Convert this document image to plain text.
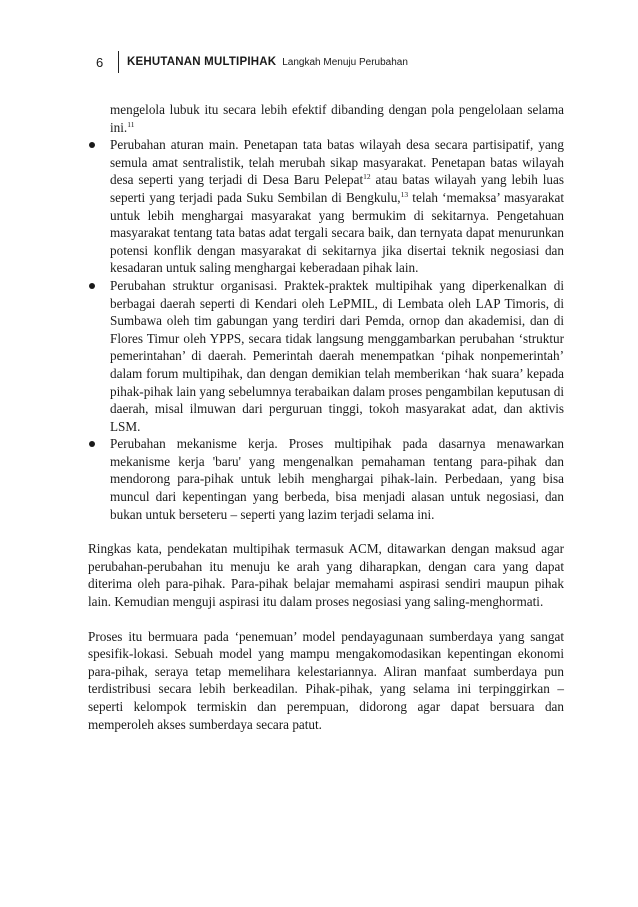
6	KEHUTANAN MULTIPIHAK Langkah Menuju Perubahan
mengelola lubuk itu secara lebih efektif dibanding dengan pola pengelolaan selama ini.$^{11}$
Perubahan aturan main. Penetapan tata batas wilayah desa secara partisipatif, yang semula amat sentralistik, telah merubah sikap masyarakat. Penetapan batas wilayah desa seperti yang terjadi di Desa Baru Pelepat$^{12}$ atau batas wilayah yang lebih luas seperti yang terjadi pada Suku Sembilan di Bengkulu,$^{13}$ telah ‘memaksa’ masyarakat untuk lebih menghargai masyarakat yang bermukim di sekitarnya. Pengetahuan masyarakat tentang tata batas adat tergali secara baik, dan ternyata dapat menurunkan potensi konflik dengan masyarakat di sekitarnya jika disertai teknik negosiasi dan kesadaran untuk saling menghargai keberadaan pihak lain.
Perubahan struktur organisasi. Praktek-praktek multipihak yang diperkenalkan di berbagai daerah seperti di Kendari oleh LePMIL, di Lembata oleh LAP Timoris, di Sumbawa oleh tim gabungan yang terdiri dari Pemda, ornop dan akademisi, dan di Flores Timur oleh YPPS, secara tidak langsung menggambarkan perubahan ‘struktur pemerintahan’ di daerah. Pemerintah daerah menempatkan ‘pihak nonpemerintah’ dalam forum multipihak, dan dengan demikian telah memberikan ‘hak suara’ kepada pihak-pihak lain yang sebelumnya terabaikan dalam proses pengambilan keputusan di daerah, misal ilmuwan dari perguruan tinggi, tokoh masyarakat adat, dan aktivis LSM.
Perubahan mekanisme kerja. Proses multipihak pada dasarnya menawarkan mekanisme kerja 'baru' yang mengenalkan pemahaman tentang para-pihak dan mendorong para-pihak untuk lebih menghargai pihak-lain. Perbedaan, yang bisa muncul dari kepentingan yang berbeda, bisa menjadi alasan untuk negosiasi, dan bukan untuk berseteru – seperti yang lazim terjadi selama ini.

Ringkas kata, pendekatan multipihak termasuk ACM, ditawarkan dengan maksud agar perubahan-perubahan itu menuju ke arah yang diharapkan, dengan cara yang dapat diterima oleh para-pihak. Para-pihak belajar memahami aspirasi sendiri maupun pihak lain. Kemudian menguji aspirasi itu dalam proses negosiasi yang saling-menghormati.

Proses itu bermuara pada ‘penemuan’ model pendayagunaan sumberdaya yang sangat spesifik-lokasi. Sebuah model yang mampu mengakomodasikan kepentingan ekonomi para-pihak, seraya tetap memelihara kelestariannya. Aliran manfaat sumberdaya pun terdistribusi secara lebih berkeadilan. Pihak-pihak, yang selama ini terpinggirkan – seperti kelompok termiskin dan perempuan, didorong agar dapat bersuara dan memperoleh akses sumberdaya secara patut.
